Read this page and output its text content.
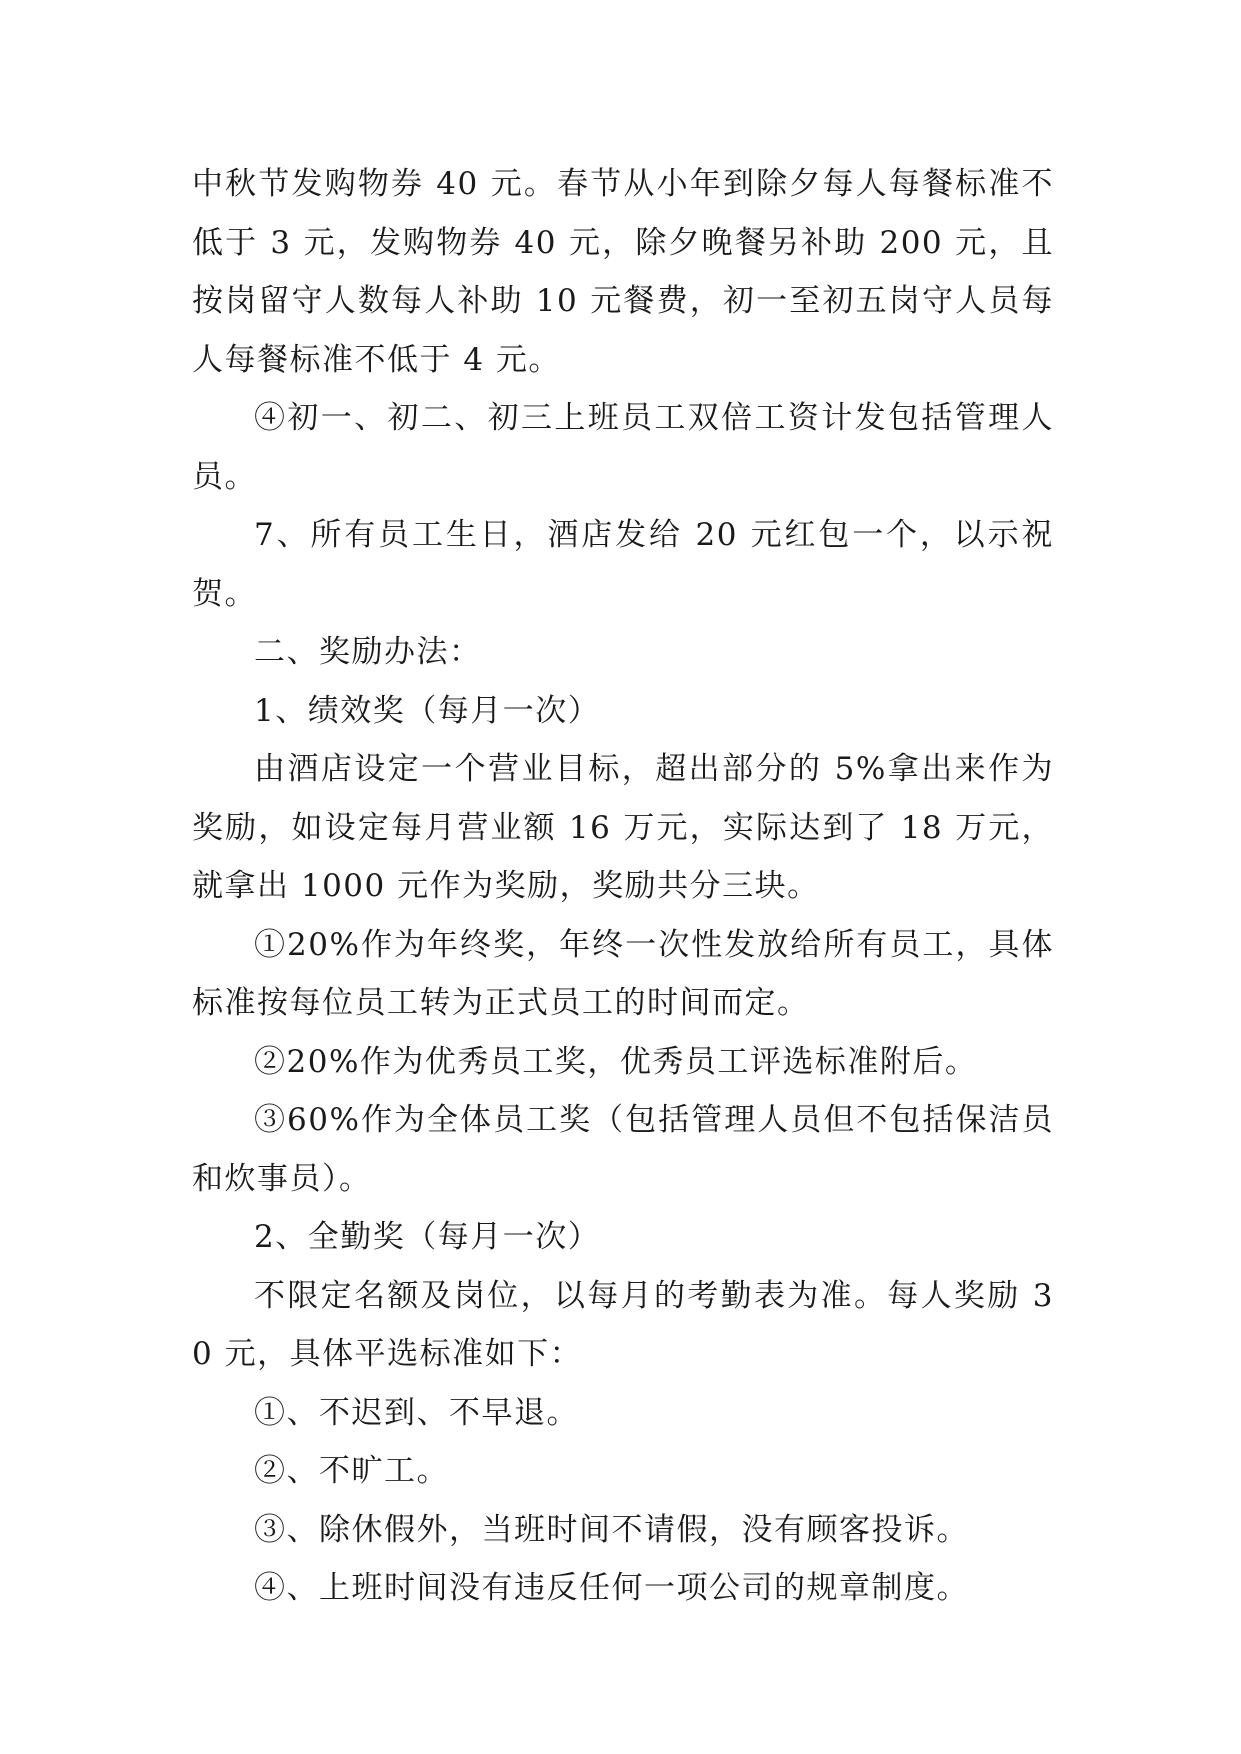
中秋节发购物券 40 元。春节从小年到除夕每人每餐标准不低于 3 元，发购物券 40 元，除夕晚餐另补助 200 元，且按岗留守人数每人补助 10 元餐费，初一至初五岗守人员每人每餐标准不低于 4 元。

④初一、初二、初三上班员工双倍工资计发包括管理人员。

7、所有员工生日，酒店发给 20 元红包一个，以示祝贺。

二、奖励办法：

1、绩效奖（每月一次）

由酒店设定一个营业目标，超出部分的 5%拿出来作为奖励，如设定每月营业额 16 万元，实际达到了 18 万元，就拿出 1000 元作为奖励，奖励共分三块。

①20%作为年终奖，年终一次性发放给所有员工，具体标准按每位员工转为正式员工的时间而定。

②20%作为优秀员工奖，优秀员工评选标准附后。

③60%作为全体员工奖（包括管理人员但不包括保洁员和炊事员）。

2、全勤奖（每月一次）

不限定名额及岗位，以每月的考勤表为准。每人奖励 30 元，具体平选标准如下：

①、不迟到、不早退。

②、不旷工。

③、除休假外，当班时间不请假，没有顾客投诉。

④、上班时间没有违反任何一项公司的规章制度。
